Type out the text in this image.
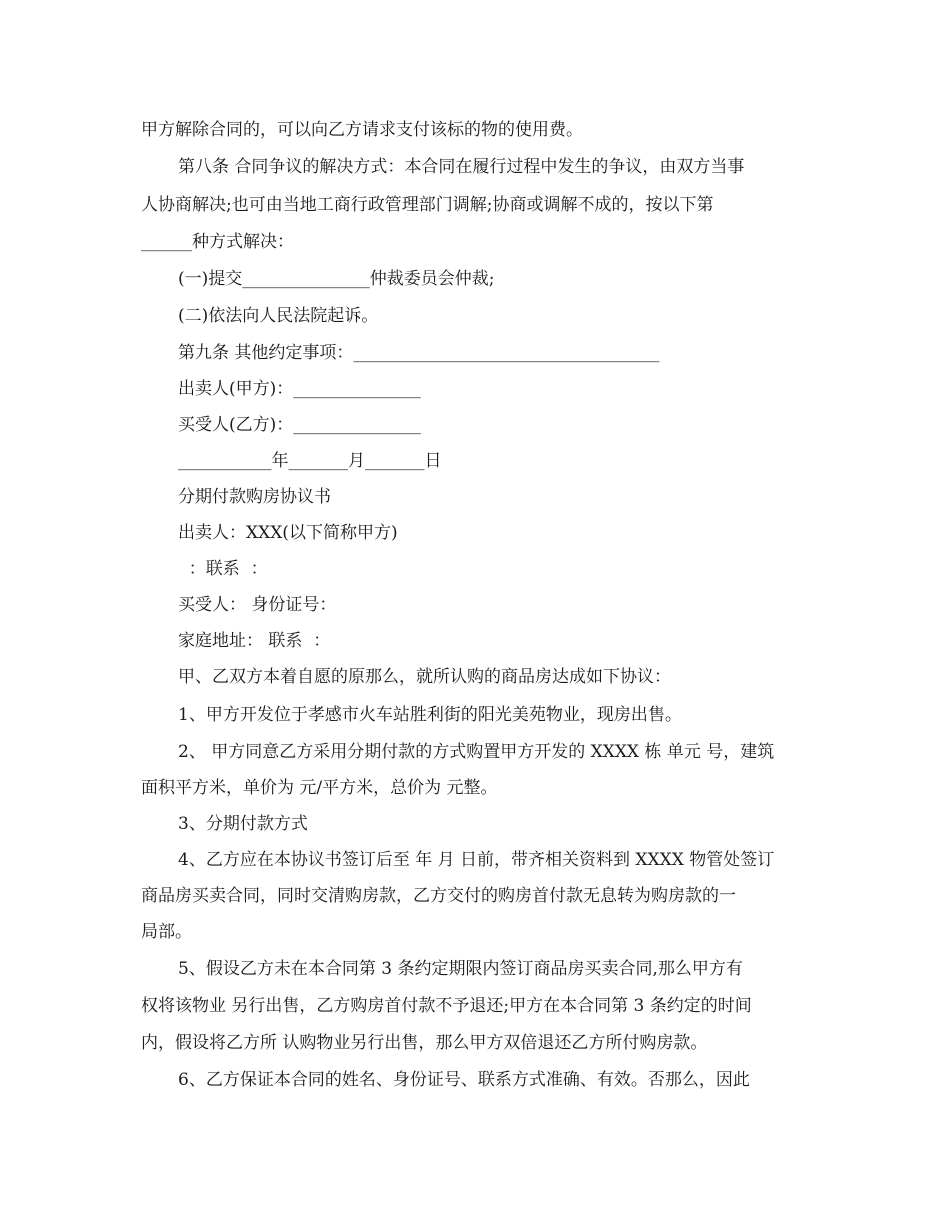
甲方解除合同的，可以向乙方请求支付该标的物的使用费。
第八条 合同争议的解决方式：本合同在履行过程中发生的争议，由双方当事
人协商解决;也可由当地工商行政管理部门调解;协商或调解不成的，按以下第
______种方式解决：
(一)提交_______________仲裁委员会仲裁;
(二)依法向人民法院起诉。
第九条 其他约定事项：____________________________________
出卖人(甲方)：_______________
买受人(乙方)：_______________
___________年_______月_______日
分期付款购房协议书
出卖人：XXX(以下简称甲方)
：联系  ：
买受人： 身份证号：
家庭地址： 联系  ：
甲、乙双方本着自愿的原那么，就所认购的商品房达成如下协议：
1、甲方开发位于孝感市火车站胜利街的阳光美苑物业，现房出售。
2、 甲方同意乙方采用分期付款的方式购置甲方开发的 XXXX 栋 单元 号，建筑
面积平方米，单价为 元/平方米，总价为 元整。
3、分期付款方式
4、乙方应在本协议书签订后至 年 月 日前，带齐相关资料到 XXXX 物管处签订
商品房买卖合同，同时交清购房款，乙方交付的购房首付款无息转为购房款的一
局部。
5、假设乙方未在本合同第 3 条约定期限内签订商品房买卖合同,那么甲方有
权将该物业 另行出售，乙方购房首付款不予退还;甲方在本合同第 3 条约定的时间
内，假设将乙方所 认购物业另行出售，那么甲方双倍退还乙方所付购房款。
6、乙方保证本合同的姓名、身份证号、联系方式准确、有效。否那么，因此
